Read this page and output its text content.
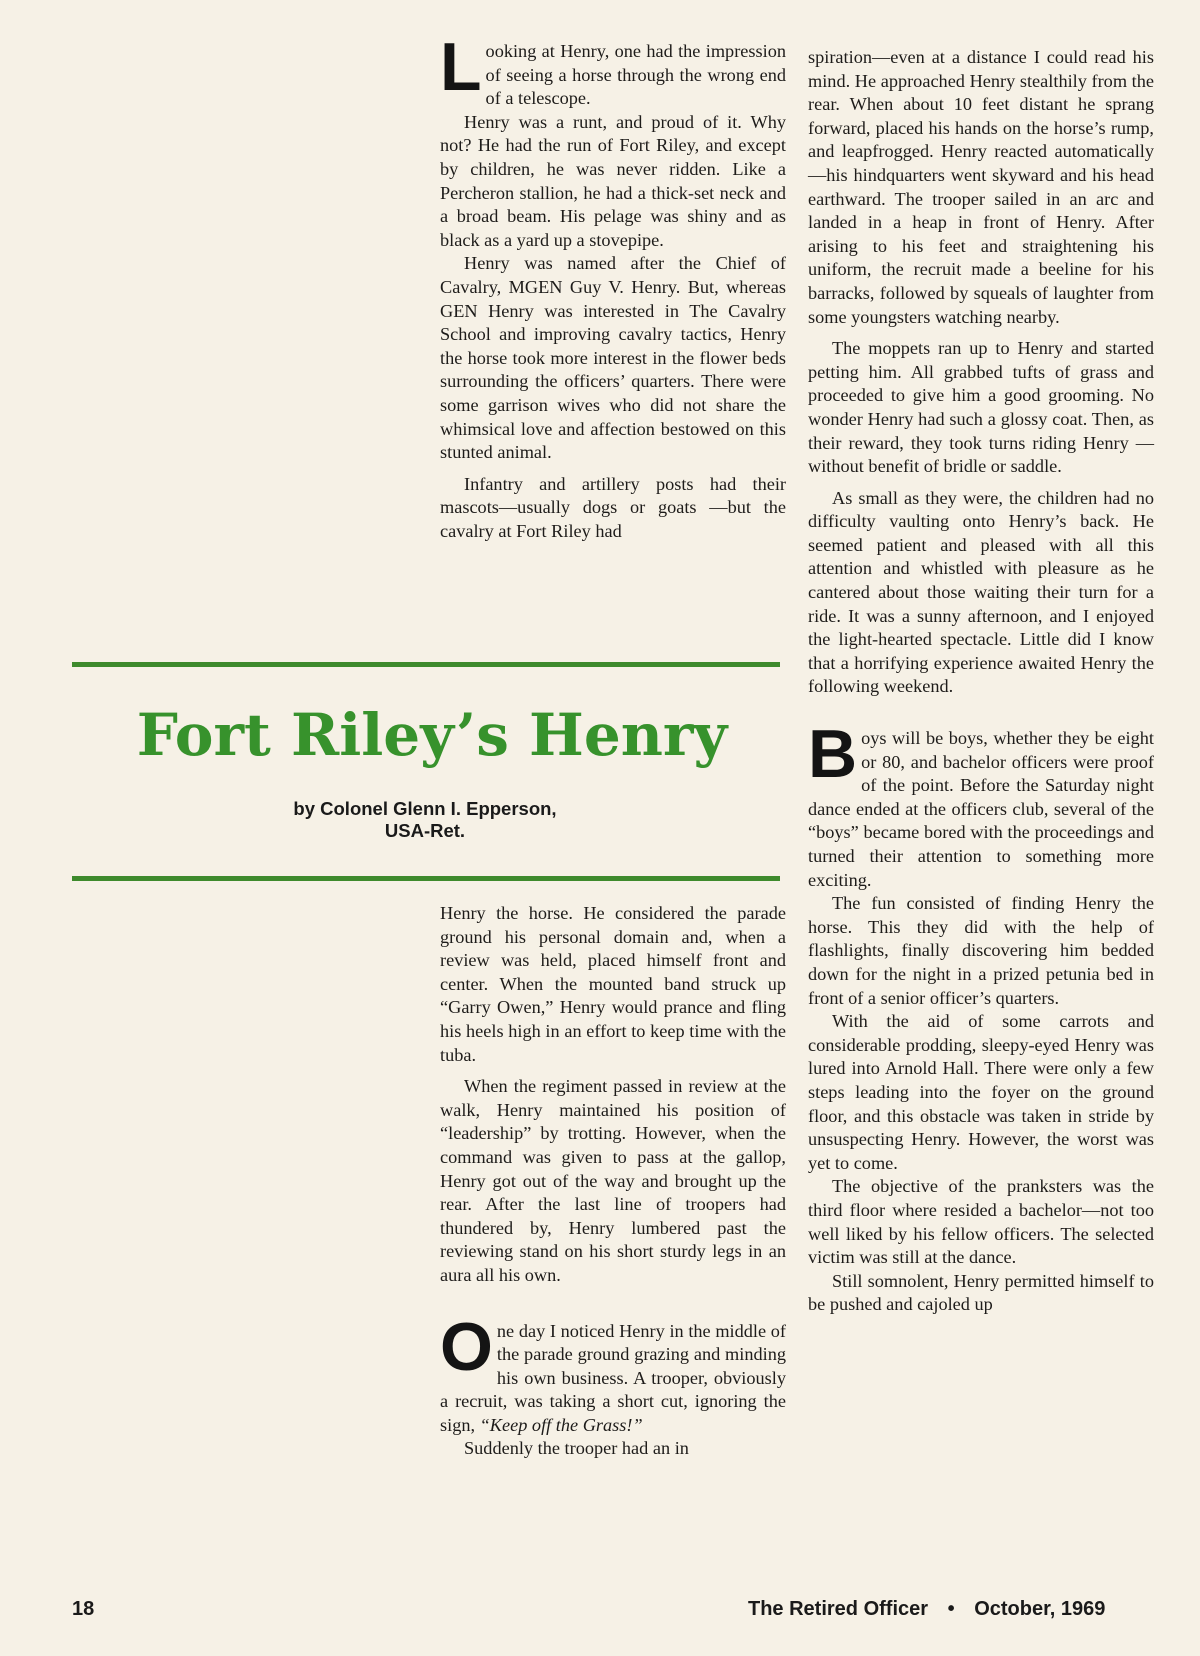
Looking at Henry, one had the impression of seeing a horse through the wrong end of a telescope.

Henry was a runt, and proud of it. Why not? He had the run of Fort Riley, and except by children, he was never ridden. Like a Percheron stallion, he had a thick-set neck and a broad beam. His pelage was shiny and as black as a yard up a stovepipe.

Henry was named after the Chief of Cavalry, MGEN Guy V. Henry. But, whereas GEN Henry was interested in The Cavalry School and improving cavalry tactics, Henry the horse took more interest in the flower beds surrounding the officers’ quarters. There were some garrison wives who did not share the whimsical love and affection bestowed on this stunted animal.

Infantry and artillery posts had their mascots—usually dogs or goats —but the cavalry at Fort Riley had

Fort Riley’s Henry
by Colonel Glenn I. Epperson,
USA-Ret.

Henry the horse. He considered the parade ground his personal domain and, when a review was held, placed himself front and center. When the mounted band struck up “Garry Owen,” Henry would prance and fling his heels high in an effort to keep time with the tuba.

When the regiment passed in review at the walk, Henry maintained his position of “leadership” by trotting. However, when the command was given to pass at the gallop, Henry got out of the way and brought up the rear. After the last line of troopers had thundered by, Henry lumbered past the reviewing stand on his short sturdy legs in an aura all his own.

One day I noticed Henry in the middle of the parade ground grazing and minding his own business. A trooper, obviously a recruit, was taking a short cut, ignoring the sign, “Keep off the Grass!”

Suddenly the trooper had an in

spiration—even at a distance I could read his mind. He approached Henry stealthily from the rear. When about 10 feet distant he sprang forward, placed his hands on the horse’s rump, and leapfrogged. Henry reacted automatically—his hindquarters went skyward and his head earthward. The trooper sailed in an arc and landed in a heap in front of Henry. After arising to his feet and straightening his uniform, the recruit made a beeline for his barracks, followed by squeals of laughter from some youngsters watching nearby.

The moppets ran up to Henry and started petting him. All grabbed tufts of grass and proceeded to give him a good grooming. No wonder Henry had such a glossy coat. Then, as their reward, they took turns riding Henry —without benefit of bridle or saddle.

As small as they were, the children had no difficulty vaulting onto Henry’s back. He seemed patient and pleased with all this attention and whistled with pleasure as he cantered about those waiting their turn for a ride. It was a sunny afternoon, and I enjoyed the light-hearted spectacle. Little did I know that a horrifying experience awaited Henry the following weekend.

Boys will be boys, whether they be eight or 80, and bachelor officers were proof of the point. Before the Saturday night dance ended at the officers club, several of the “boys” became bored with the proceedings and turned their attention to something more exciting.

The fun consisted of finding Henry the horse. This they did with the help of flashlights, finally discovering him bedded down for the night in a prized petunia bed in front of a senior officer’s quarters.

With the aid of some carrots and considerable prodding, sleepy-eyed Henry was lured into Arnold Hall. There were only a few steps leading into the foyer on the ground floor, and this obstacle was taken in stride by unsuspecting Henry. However, the worst was yet to come.

The objective of the pranksters was the third floor where resided a bachelor—not too well liked by his fellow officers. The selected victim was still at the dance.

Still somnolent, Henry permitted himself to be pushed and cajoled up

18	The Retired Officer • October, 1969
